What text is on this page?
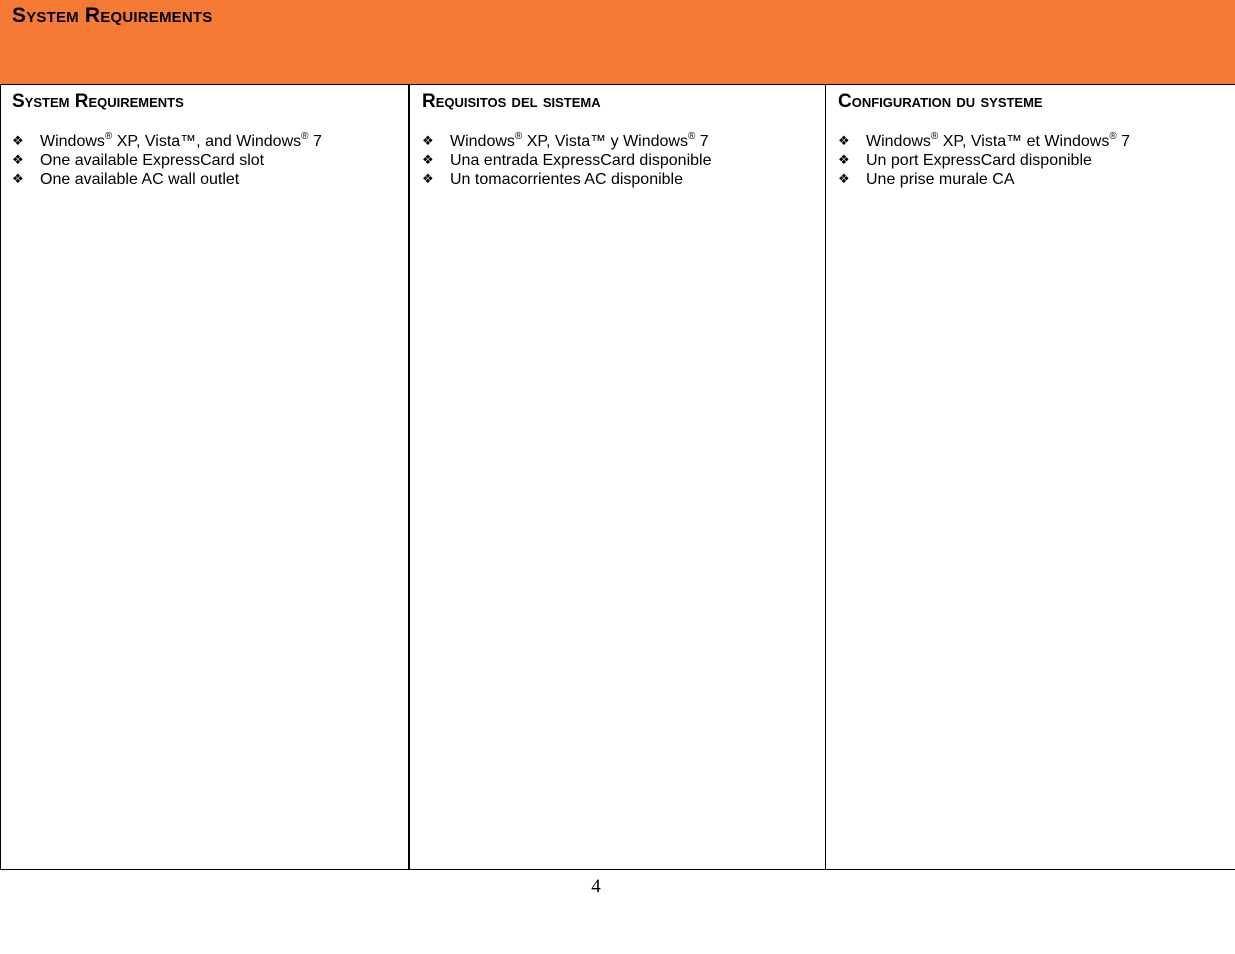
System Requirements
System Requirements
❖ Windows® XP, Vista™, and Windows® 7
❖ One available ExpressCard slot
❖ One available AC wall outlet
Requisitos del sistema
❖ Windows® XP, Vista™ y Windows® 7
❖ Una entrada ExpressCard disponible
❖ Un tomacorrientes AC disponible
Configuration du systeme
❖ Windows® XP, Vista™ et Windows® 7
❖ Un port ExpressCard disponible
❖ Une prise murale CA
4
